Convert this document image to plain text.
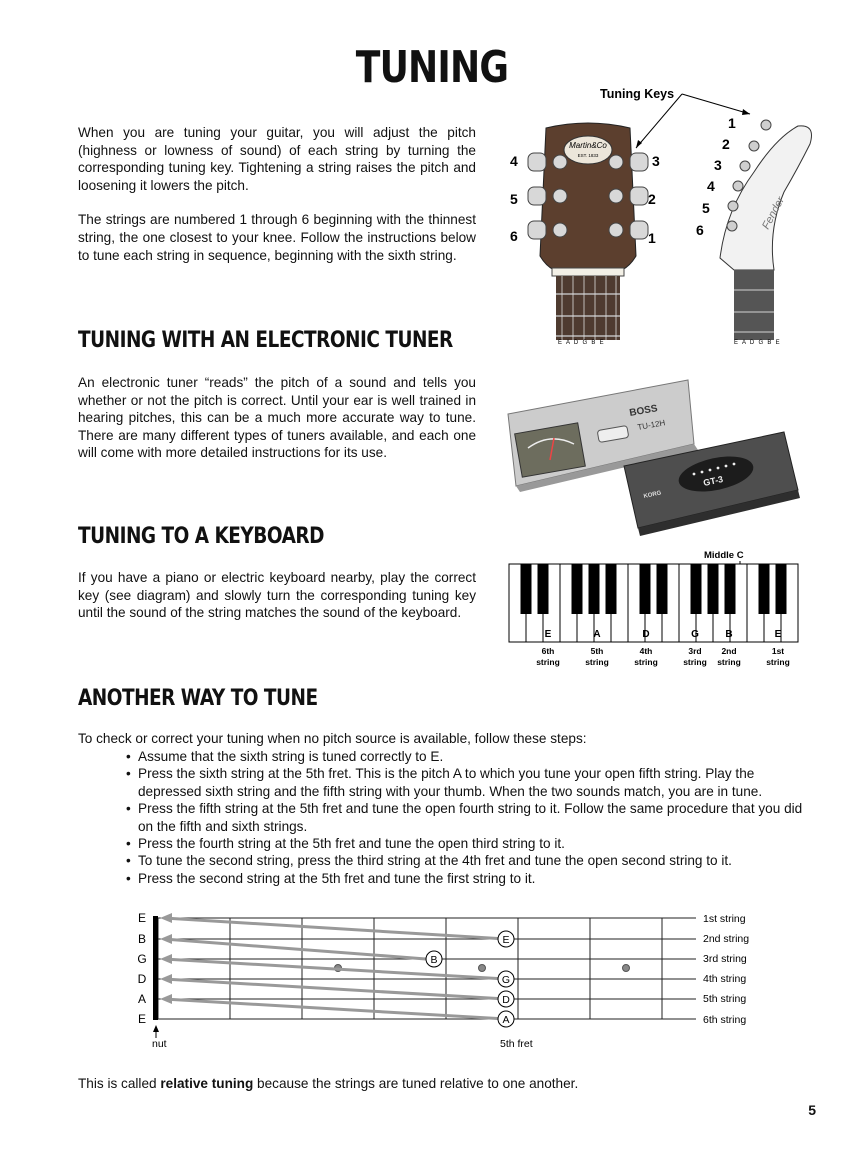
TUNING

When you are tuning your guitar, you will adjust the pitch (highness or lowness of sound) of each string by turning the corresponding tuning key. Tightening a string raises the pitch and loosening it lowers the pitch.

The strings are numbered 1 through 6 beginning with the thinnest string, the one closest to your knee. Follow the instructions below to tune each string in sequence, beginning with the sixth string.

Tuning Keys
Martin&Co
EST. 1833
4
5
6
3
2
1
E A D G B E
Fender
1
2
3
4
5
6
E A D G B E
TUNING WITH AN ELECTRONIC TUNER

An electronic tuner “reads” the pitch of a sound and tells you whether or not the pitch is correct. Until your ear is well trained in hearing pitches, this can be a much more accurate way to tune. There are many different types of tuners available, and each one will come with more detailed instructions for its use.

BOSS
TU-12H
GT-3
KORG
TUNING TO A KEYBOARD

If you have a piano or electric keyboard nearby, play the correct key (see diagram) and slowly turn the corresponding tuning key until the sound of the string matches the sound of the keyboard.

Middle C
E	A	D	G	B	E
6th
string
5th
string
4th
string
3rd
string
2nd
string
1st
string
ANOTHER WAY TO TUNE
To check or correct your tuning when no pitch source is available, follow these steps:
• Assume that the sixth string is tuned correctly to E.
• Press the sixth string at the 5th fret. This is the pitch A to which you tune your open fifth string. Play the depressed sixth string and the fifth string with your thumb. When the two sounds match, you are in tune.
• Press the fifth string at the 5th fret and tune the open fourth string to it. Follow the same procedure that you did on the fifth and sixth strings.
• Press the fourth string at the 5th fret and tune the open third string to it.
• To tune the second string, press the third string at the 4th fret and tune the open second string to it.
• Press the second string at the 5th fret and tune the first string to it.
E
B
G
D
A
E
E
B
G
D
A
1st string
2nd string
3rd string
4th string
5th string
6th string
nut	5th fret
This is called relative tuning because the strings are tuned relative to one another.
5
